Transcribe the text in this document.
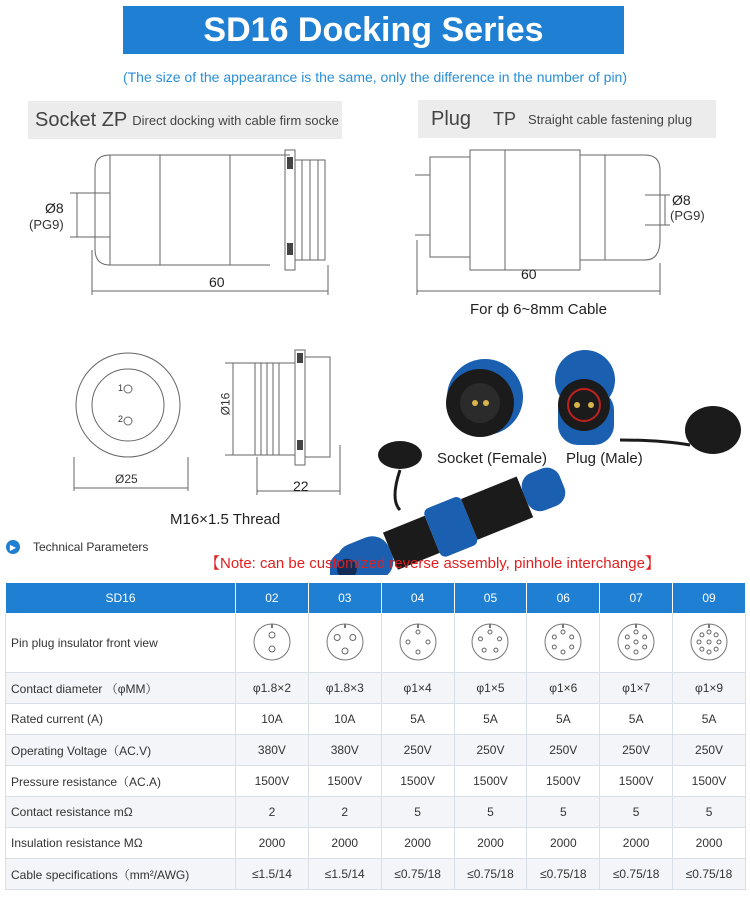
SD16 Docking Series
(The size of the appearance is the same, only the difference in the number of pin)
Socket ZP Direct docking with cable firm socke	Plug TP Straight cable fastening plug
Ø8
(PG9)
60
Ø8
(PG9)
60
For ф 6~8mm Cable
1
2
Ø25
Ø16
22
M16×1.5 Thread
Socket (Female) Plug (Male)
▶	Technical Parameters
【Note: can be customized reverse assembly, pinhole interchange】
SD16	02	03	04	05	06	07	09
Pin plug insulator front view							
Contact diameter （φMM）	φ1.8×2	φ1.8×3	φ1×4	φ1×5	φ1×6	φ1×7	φ1×9
Rated current (A)	10A	10A	5A	5A	5A	5A	5A
Operating Voltage（AC.V)	380V	380V	250V	250V	250V	250V	250V
Pressure resistance（AC.A)	1500V	1500V	1500V	1500V	1500V	1500V	1500V
Contact resistance mΩ	2	2	5	5	5	5	5
Insulation resistance MΩ	2000	2000	2000	2000	2000	2000	2000
Cable specifications（mm²/AWG)	≤1.5/14	≤1.5/14	≤0.75/18	≤0.75/18	≤0.75/18	≤0.75/18	≤0.75/18
